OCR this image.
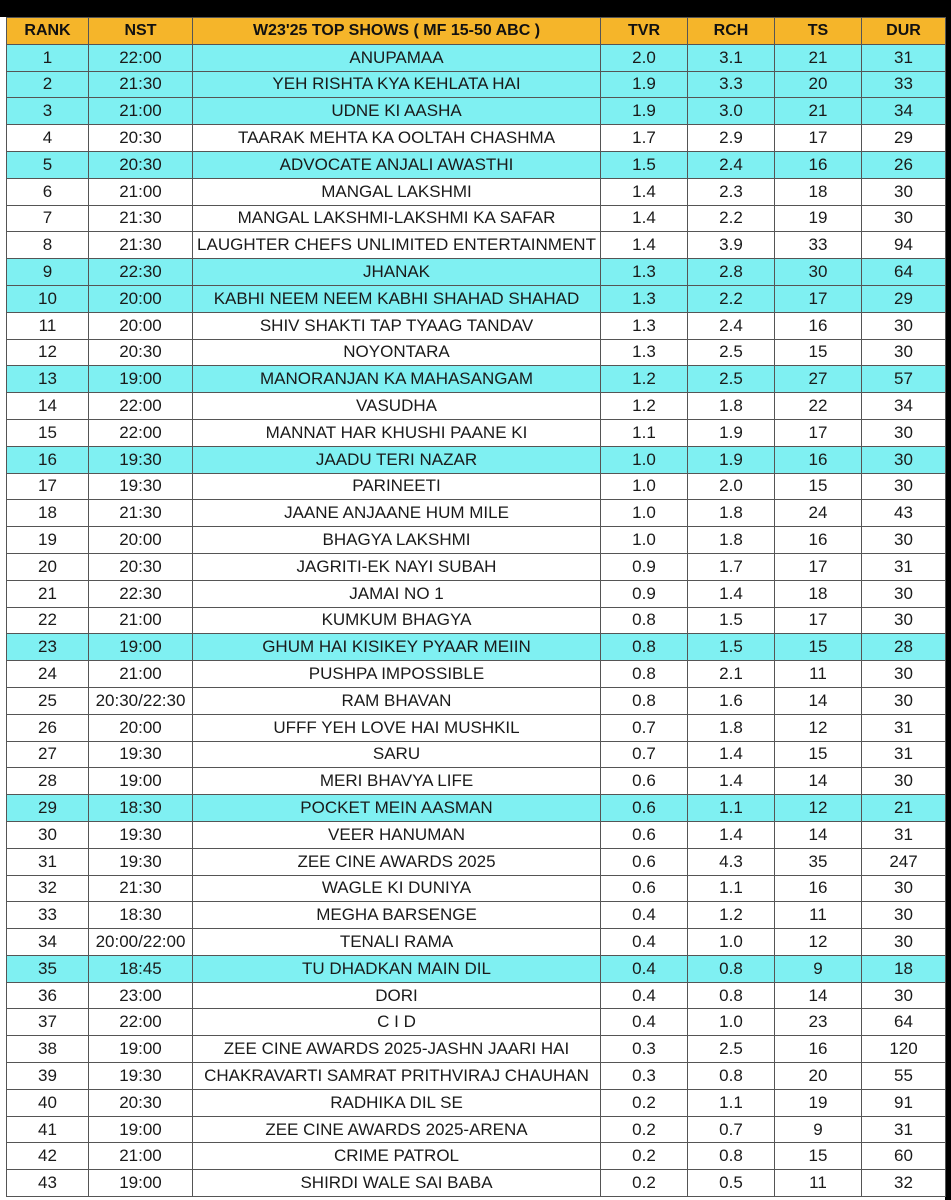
RANK	NST	W23'25 TOP SHOWS ( MF 15-50 ABC )	TVR	RCH	TS	DUR
1	22:00	ANUPAMAA	2.0	3.1	21	31
2	21:30	YEH RISHTA KYA KEHLATA HAI	1.9	3.3	20	33
3	21:00	UDNE KI AASHA	1.9	3.0	21	34
4	20:30	TAARAK MEHTA KA OOLTAH CHASHMA	1.7	2.9	17	29
5	20:30	ADVOCATE ANJALI AWASTHI	1.5	2.4	16	26
6	21:00	MANGAL LAKSHMI	1.4	2.3	18	30
7	21:30	MANGAL LAKSHMI-LAKSHMI KA SAFAR	1.4	2.2	19	30
8	21:30	LAUGHTER CHEFS UNLIMITED ENTERTAINMENT	1.4	3.9	33	94
9	22:30	JHANAK	1.3	2.8	30	64
10	20:00	KABHI NEEM NEEM KABHI SHAHAD SHAHAD	1.3	2.2	17	29
11	20:00	SHIV SHAKTI TAP TYAAG TANDAV	1.3	2.4	16	30
12	20:30	NOYONTARA	1.3	2.5	15	30
13	19:00	MANORANJAN KA MAHASANGAM	1.2	2.5	27	57
14	22:00	VASUDHA	1.2	1.8	22	34
15	22:00	MANNAT HAR KHUSHI PAANE KI	1.1	1.9	17	30
16	19:30	JAADU TERI NAZAR	1.0	1.9	16	30
17	19:30	PARINEETI	1.0	2.0	15	30
18	21:30	JAANE ANJAANE HUM MILE	1.0	1.8	24	43
19	20:00	BHAGYA LAKSHMI	1.0	1.8	16	30
20	20:30	JAGRITI-EK NAYI SUBAH	0.9	1.7	17	31
21	22:30	JAMAI NO 1	0.9	1.4	18	30
22	21:00	KUMKUM BHAGYA	0.8	1.5	17	30
23	19:00	GHUM HAI KISIKEY PYAAR MEIIN	0.8	1.5	15	28
24	21:00	PUSHPA IMPOSSIBLE	0.8	2.1	11	30
25	20:30/22:30	RAM BHAVAN	0.8	1.6	14	30
26	20:00	UFFF YEH LOVE HAI MUSHKIL	0.7	1.8	12	31
27	19:30	SARU	0.7	1.4	15	31
28	19:00	MERI BHAVYA LIFE	0.6	1.4	14	30
29	18:30	POCKET MEIN AASMAN	0.6	1.1	12	21
30	19:30	VEER HANUMAN	0.6	1.4	14	31
31	19:30	ZEE CINE AWARDS 2025	0.6	4.3	35	247
32	21:30	WAGLE KI DUNIYA	0.6	1.1	16	30
33	18:30	MEGHA BARSENGE	0.4	1.2	11	30
34	20:00/22:00	TENALI RAMA	0.4	1.0	12	30
35	18:45	TU DHADKAN MAIN DIL	0.4	0.8	9	18
36	23:00	DORI	0.4	0.8	14	30
37	22:00	C I D	0.4	1.0	23	64
38	19:00	ZEE CINE AWARDS 2025-JASHN JAARI HAI	0.3	2.5	16	120
39	19:30	CHAKRAVARTI SAMRAT PRITHVIRAJ CHAUHAN	0.3	0.8	20	55
40	20:30	RADHIKA DIL SE	0.2	1.1	19	91
41	19:00	ZEE CINE AWARDS 2025-ARENA	0.2	0.7	9	31
42	21:00	CRIME PATROL	0.2	0.8	15	60
43	19:00	SHIRDI WALE SAI BABA	0.2	0.5	11	32
